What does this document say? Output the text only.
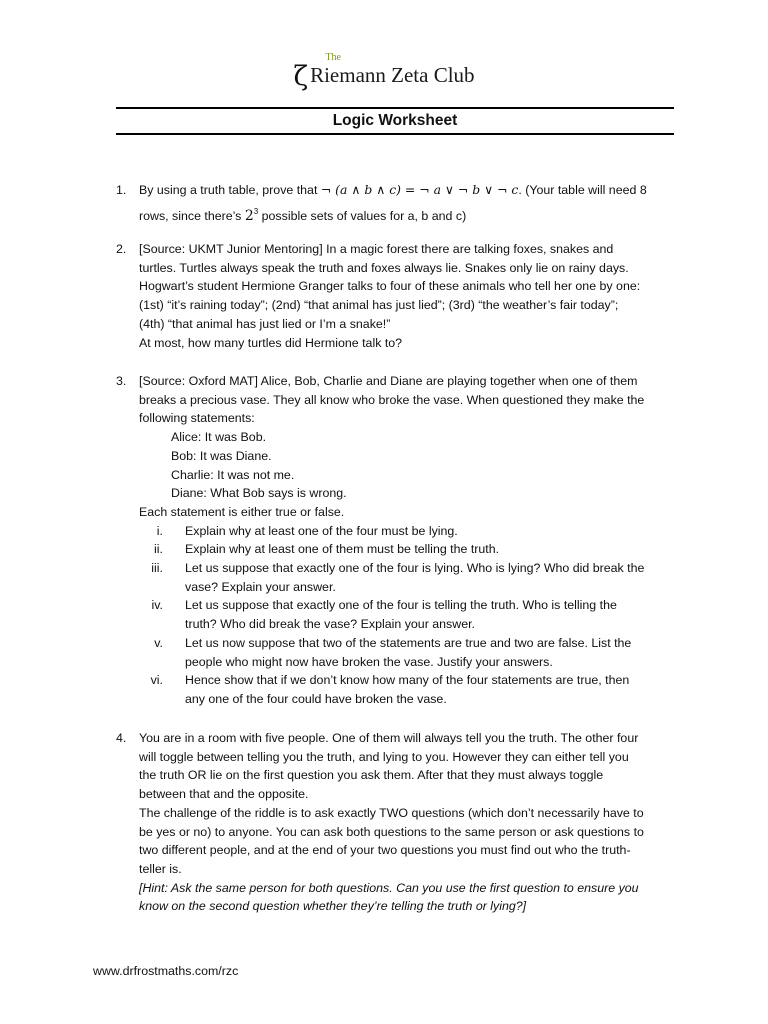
ζRiemann Zeta Club
The
Logic Worksheet
1. By using a truth table, prove that ¬ (a ∧ b ∧ c) = ¬ a ∨ ¬ b ∨ ¬ c. (Your table will need 8
rows, since there’s $2^3$ possible sets of values for a, b and c)
2. [Source: UKMT Junior Mentoring] In a magic forest there are talking foxes, snakes and
turtles. Turtles always speak the truth and foxes always lie. Snakes only lie on rainy days.
Hogwart’s student Hermione Granger talks to four of these animals who tell her one by one:
(1st) “it’s raining today”; (2nd) “that animal has just lied”; (3rd) “the weather’s fair today”;
(4th) “that animal has just lied or I’m a snake!”
At most, how many turtles did Hermione talk to?
3. [Source: Oxford MAT] Alice, Bob, Charlie and Diane are playing together when one of them
breaks a precious vase. They all know who broke the vase. When questioned they make the
following statements:
Alice: It was Bob.
Bob: It was Diane.
Charlie: It was not me.
Diane: What Bob says is wrong.
Each statement is either true or false.
i. Explain why at least one of the four must be lying.
ii. Explain why at least one of them must be telling the truth.
iii. Let us suppose that exactly one of the four is lying. Who is lying? Who did break the
vase? Explain your answer.
iv. Let us suppose that exactly one of the four is telling the truth. Who is telling the
truth? Who did break the vase? Explain your answer.
v. Let us now suppose that two of the statements are true and two are false. List the
people who might now have broken the vase. Justify your answers.
vi. Hence show that if we don’t know how many of the four statements are true, then
any one of the four could have broken the vase.
4. You are in a room with five people. One of them will always tell you the truth. The other four
will toggle between telling you the truth, and lying to you. However they can either tell you
the truth OR lie on the first question you ask them. After that they must always toggle
between that and the opposite.
The challenge of the riddle is to ask exactly TWO questions (which don’t necessarily have to
be yes or no) to anyone. You can ask both questions to the same person or ask questions to
two different people, and at the end of your two questions you must find out who the truth-
teller is.
[Hint: Ask the same person for both questions. Can you use the first question to ensure you
know on the second question whether they’re telling the truth or lying?]
www.drfrostmaths.com/rzc
